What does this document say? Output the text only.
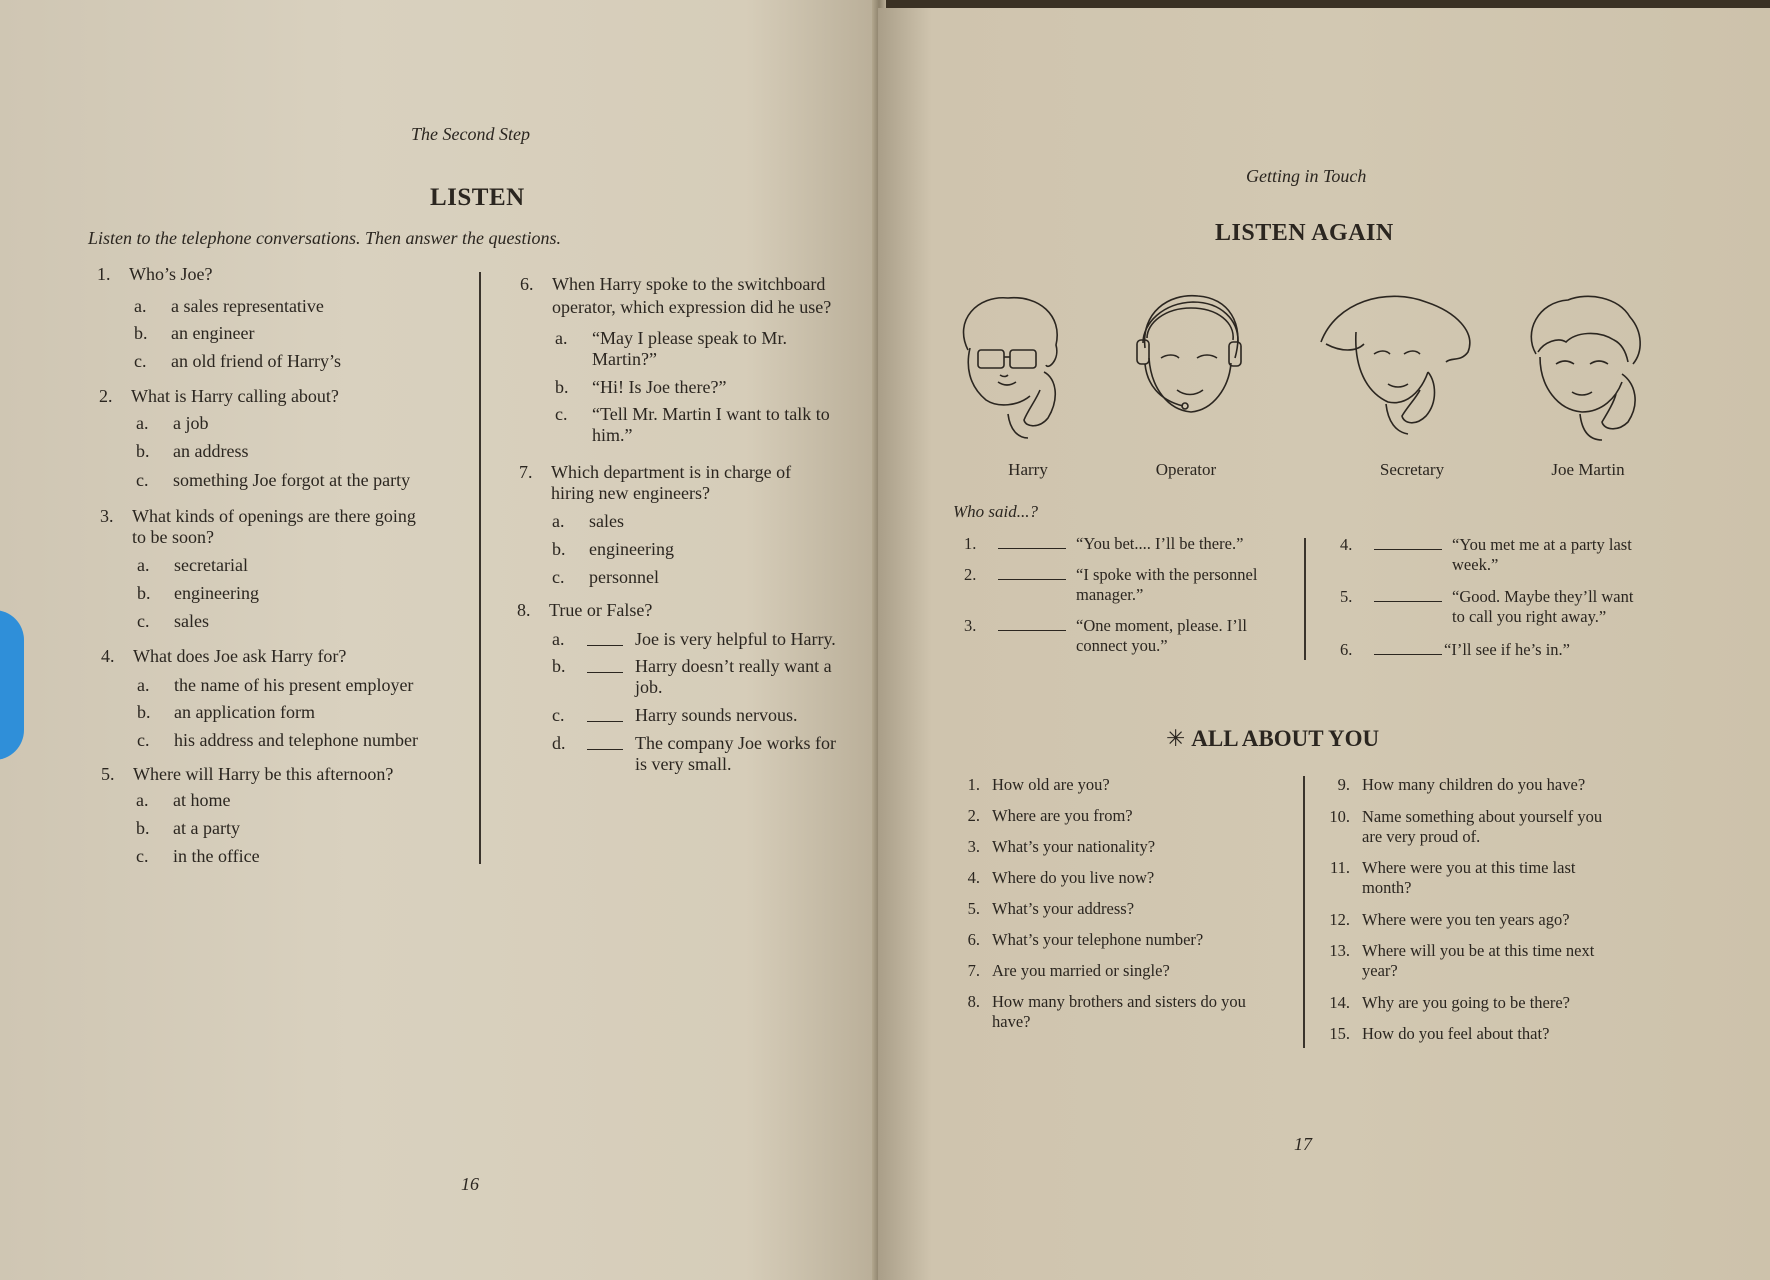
The Second Step
LISTEN
Listen to the telephone conversations. Then answer the questions.
1. Who’s Joe?
a. a sales representative
b. an engineer
c. an old friend of Harry’s
2. What is Harry calling about?
a. a job
b. an address
c. something Joe forgot at the party
3. What kinds of openings are there going
to be soon?
a. secretarial
b. engineering
c. sales
4. What does Joe ask Harry for?
a. the name of his present employer
b. an application form
c. his address and telephone number
5. Where will Harry be this afternoon?
a. at home
b. at a party
c. in the office
6. When Harry spoke to the switchboard
operator, which expression did he use?
a. “May I please speak to Mr.
Martin?”
b. “Hi! Is Joe there?”
c. “Tell Mr. Martin I want to talk to
him.”
7. Which department is in charge of
hiring new engineers?
a. sales
b. engineering
c. personnel
8. True or False?
a.	Joe is very helpful to Harry.
b.	Harry doesn’t really want a
job.
c.	Harry sounds nervous.
d.	The company Joe works for
is very small.
16
Getting in Touch
LISTEN AGAIN
Harry	Operator	Secretary	Joe Martin
Who said...?
1.	“You bet.... I’ll be there.”
2.	“I spoke with the personnel
manager.”
3.	“One moment, please. I’ll
connect you.”
4.	“You met me at a party last
week.”
5.	“Good. Maybe they’ll want
to call you right away.”
6.	“I’ll see if he’s in.”
✳ ALL ABOUT YOU
1. How old are you?
2. Where are you from?
3. What’s your nationality?
4. Where do you live now?
5. What’s your address?
6. What’s your telephone number?
7. Are you married or single?
8. How many brothers and sisters do you
have?
9. How many children do you have?
10. Name something about yourself you
are very proud of.
11. Where were you at this time last
month?
12. Where were you ten years ago?
13. Where will you be at this time next
year?
14. Why are you going to be there?
15. How do you feel about that?
17
